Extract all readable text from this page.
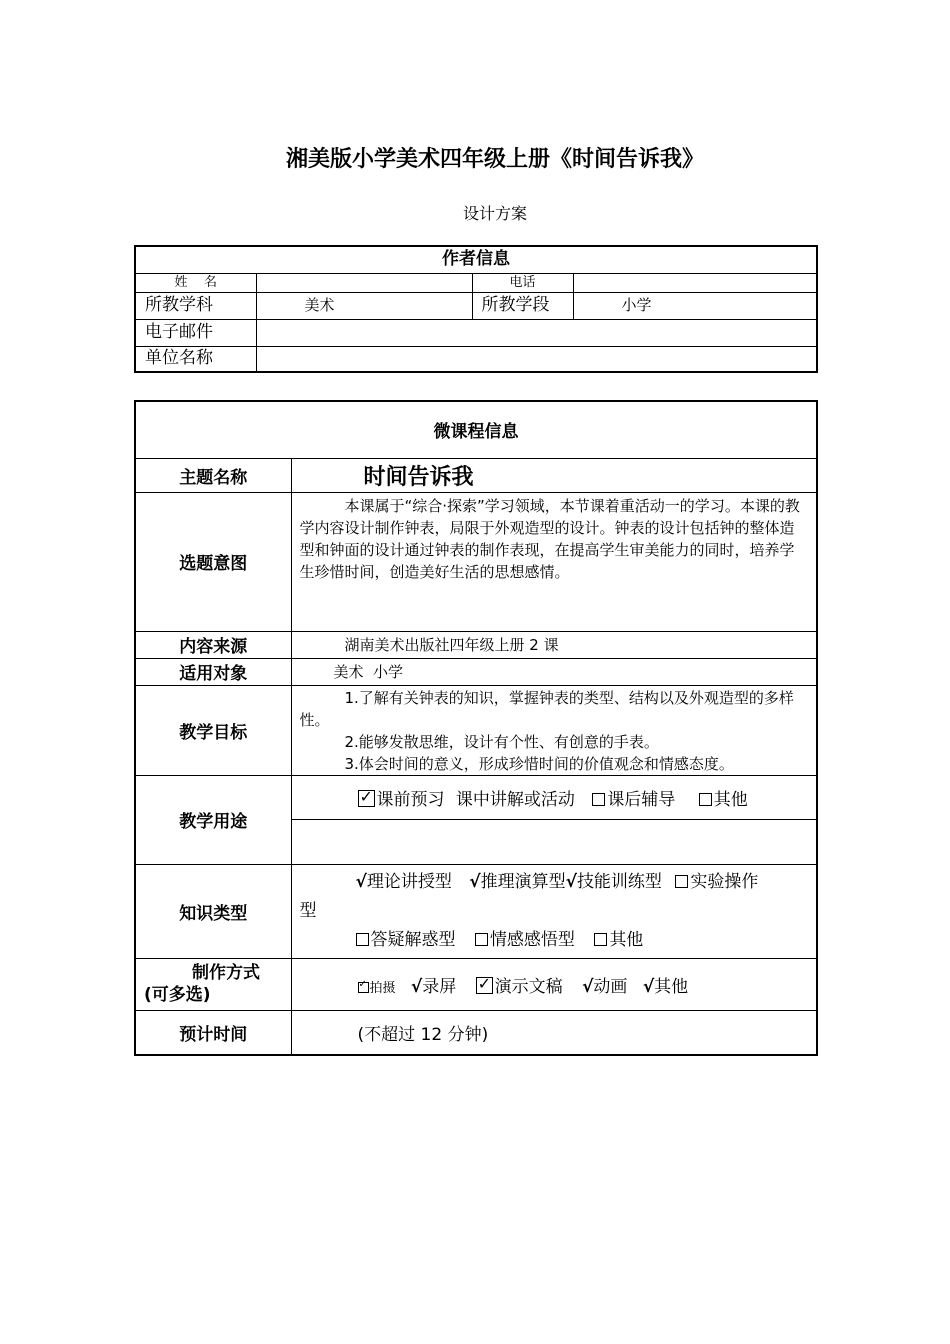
湘美版小学美术四年级上册《时间告诉我》
设计方案
作者信息			
姓    名		电话	
所教学科	美术	所教学段	小学
电子邮件			
单位名称			
微课程信息	
主题名称	时间告诉我
选题意图	本课属于“综合·探索”学习领域，本节课着重活动一的学习。本课的教学内容设计制作钟表，局限于外观造型的设计。钟表的设计包括钟的整体造型和钟面的设计通过钟表的制作表现，在提高学生审美能力的同时，培养学生珍惜时间，创造美好生活的思想感情。

内容来源	湖南美术出版社四年级上册 2 课
适用对象	美术  小学
教学目标	1.了解有关钟表的知识，掌握钟表的类型、结构以及外观造型的多样性。
2.能够发散思维，设计有个性、有创意的手表。
3.体会时间的意义，形成珍惜时间的价值观念和情感态度。

教学用途	✓课前预习 课中讲解或活动 课后辅导 其他

知识类型	√理论讲授型 √推理演算型√技能训练型 实验操作
型
答疑解惑型 情感感悟型 其他

制作方式
(可多选)
	✓拍摄 √录屏 ✓ 演示文稿 √动画 √其他
预计时间	(不超过 12 分钟)
